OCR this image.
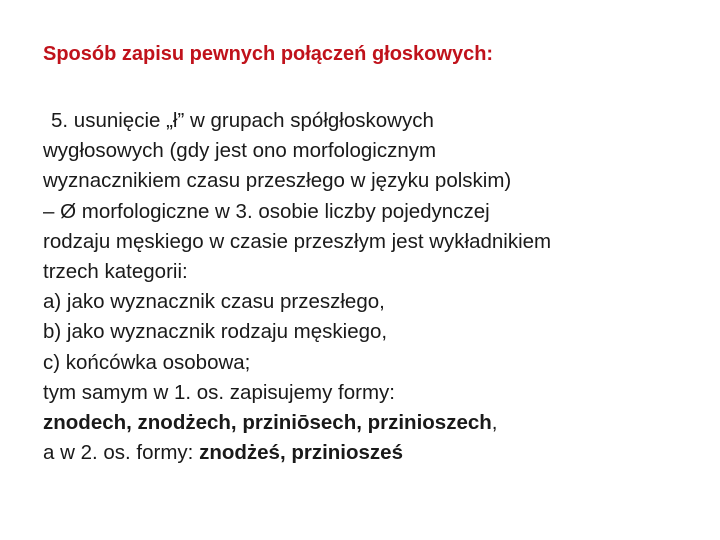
Sposób zapisu pewnych połączeń głoskowych:
5. usunięcie „ł” w grupach spółgłoskowych
wygłosowych (gdy jest ono morfologicznym
wyznacznikiem czasu przeszłego w języku polskim)
– Ø morfologiczne w 3. osobie liczby pojedynczej
rodzaju męskiego w czasie przeszłym jest wykładnikiem
trzech kategorii:
a) jako wyznacznik czasu przeszłego,
b) jako wyznacznik rodzaju męskiego,
c) końcówka osobowa;
tym samym w 1. os. zapisujemy formy:
znodech, znodżech, prziniōsech, przinioszech,
a w 2. os. formy: znodżeś, prziniosześ
